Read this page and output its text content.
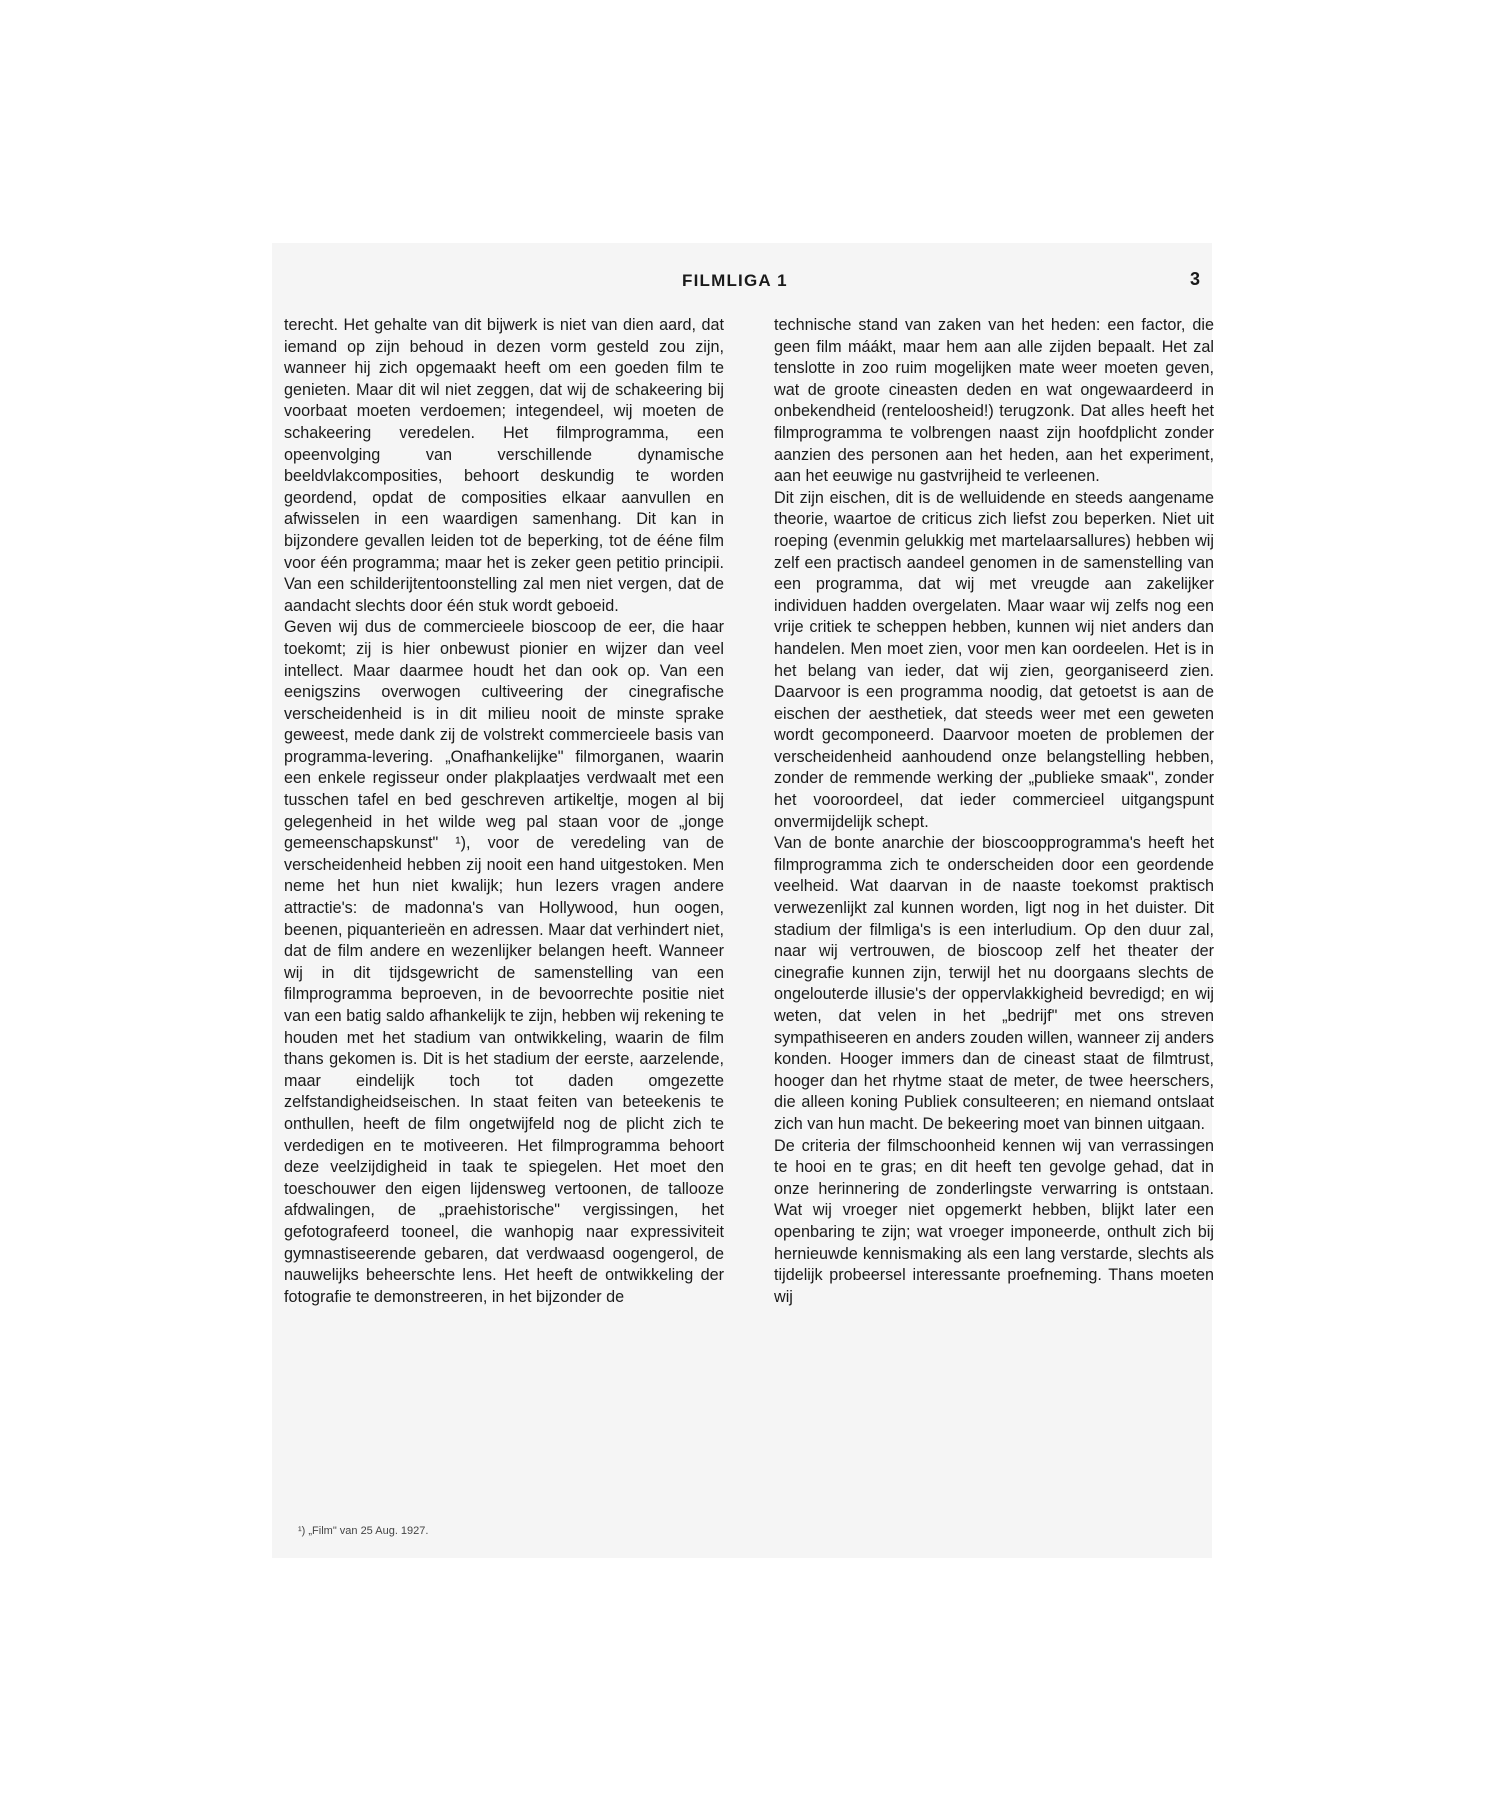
FILMLIGA 1	3

terecht. Het gehalte van dit bijwerk is niet van dien aard, dat iemand op zijn behoud in dezen vorm gesteld zou zijn, wanneer hij zich opgemaakt heeft om een goeden film te genieten. Maar dit wil niet zeggen, dat wij de schakeering bij voorbaat moeten verdoemen; integendeel, wij moeten de schakeering veredelen. Het filmprogramma, een opeenvolging van verschillende dynamische beeldvlakcomposities, behoort deskundig te worden geordend, opdat de composities elkaar aanvullen en afwisselen in een waardigen samenhang. Dit kan in bijzondere gevallen leiden tot de beperking, tot de ééne film voor één programma; maar het is zeker geen petitio principii. Van een schilderijtentoonstelling zal men niet vergen, dat de aandacht slechts door één stuk wordt geboeid.

Geven wij dus de commercieele bioscoop de eer, die haar toekomt; zij is hier onbewust pionier en wijzer dan veel intellect. Maar daarmee houdt het dan ook op. Van een eenigszins overwogen cultiveering der cinegrafische verscheidenheid is in dit milieu nooit de minste sprake geweest, mede dank zij de volstrekt commercieele basis van programma-levering. „Onafhankelijke" filmorganen, waarin een enkele regisseur onder plakplaatjes verdwaalt met een tusschen tafel en bed geschreven artikeltje, mogen al bij gelegenheid in het wilde weg pal staan voor de „jonge gemeenschapskunst" ¹), voor de veredeling van de verscheidenheid hebben zij nooit een hand uitgestoken. Men neme het hun niet kwalijk; hun lezers vragen andere attractie's: de madonna's van Hollywood, hun oogen, beenen, piquanterieën en adressen. Maar dat verhindert niet, dat de film andere en wezenlijker belangen heeft. Wanneer wij in dit tijdsgewricht de samenstelling van een filmprogramma beproeven, in de bevoorrechte positie niet van een batig saldo afhankelijk te zijn, hebben wij rekening te houden met het stadium van ontwikkeling, waarin de film thans gekomen is. Dit is het stadium der eerste, aarzelende, maar eindelijk toch tot daden omgezette zelfstandigheidseischen. In staat feiten van beteekenis te onthullen, heeft de film ongetwijfeld nog de plicht zich te verdedigen en te motiveeren. Het filmprogramma behoort deze veelzijdigheid in taak te spiegelen. Het moet den toeschouwer den eigen lijdensweg vertoonen, de tallooze afdwalingen, de „praehistorische" vergissingen, het gefotografeerd tooneel, die wanhopig naar expressiviteit gymnastiseerende gebaren, dat verdwaasd oogengerol, de nauwelijks beheerschte lens. Het heeft de ontwikkeling der fotografie te demonstreeren, in het bijzonder de

technische stand van zaken van het heden: een factor, die geen film máákt, maar hem aan alle zijden bepaalt. Het zal tenslotte in zoo ruim mogelijken mate weer moeten geven, wat de groote cineasten deden en wat ongewaardeerd in onbekendheid (renteloosheid!) terugzonk. Dat alles heeft het filmprogramma te volbrengen naast zijn hoofdplicht zonder aanzien des personen aan het heden, aan het experiment, aan het eeuwige nu gastvrijheid te verleenen.

Dit zijn eischen, dit is de welluidende en steeds aangename theorie, waartoe de criticus zich liefst zou beperken. Niet uit roeping (evenmin gelukkig met martelaarsallures) hebben wij zelf een practisch aandeel genomen in de samenstelling van een programma, dat wij met vreugde aan zakelijker individuen hadden overgelaten. Maar waar wij zelfs nog een vrije critiek te scheppen hebben, kunnen wij niet anders dan handelen. Men moet zien, voor men kan oordeelen. Het is in het belang van ieder, dat wij zien, georganiseerd zien. Daarvoor is een programma noodig, dat getoetst is aan de eischen der aesthetiek, dat steeds weer met een geweten wordt gecomponeerd. Daarvoor moeten de problemen der verscheidenheid aanhoudend onze belangstelling hebben, zonder de remmende werking der „publieke smaak", zonder het vooroordeel, dat ieder commercieel uitgangspunt onvermijdelijk schept.

Van de bonte anarchie der bioscoopprogramma's heeft het filmprogramma zich te onderscheiden door een geordende veelheid. Wat daarvan in de naaste toekomst praktisch verwezenlijkt zal kunnen worden, ligt nog in het duister. Dit stadium der filmliga's is een interludium. Op den duur zal, naar wij vertrouwen, de bioscoop zelf het theater der cinegrafie kunnen zijn, terwijl het nu doorgaans slechts de ongelouterde illusie's der oppervlakkigheid bevredigd; en wij weten, dat velen in het „bedrijf" met ons streven sympathiseeren en anders zouden willen, wanneer zij anders konden. Hooger immers dan de cineast staat de filmtrust, hooger dan het rhytme staat de meter, de twee heerschers, die alleen koning Publiek consulteeren; en niemand ontslaat zich van hun macht. De bekeering moet van binnen uitgaan.

De criteria der filmschoonheid kennen wij van verrassingen te hooi en te gras; en dit heeft ten gevolge gehad, dat in onze herinnering de zonderlingste verwarring is ontstaan. Wat wij vroeger niet opgemerkt hebben, blijkt later een openbaring te zijn; wat vroeger imponeerde, onthult zich bij hernieuwde kennismaking als een lang verstarde, slechts als tijdelijk probeersel interessante proefneming. Thans moeten wij

¹) „Film" van 25 Aug. 1927.
